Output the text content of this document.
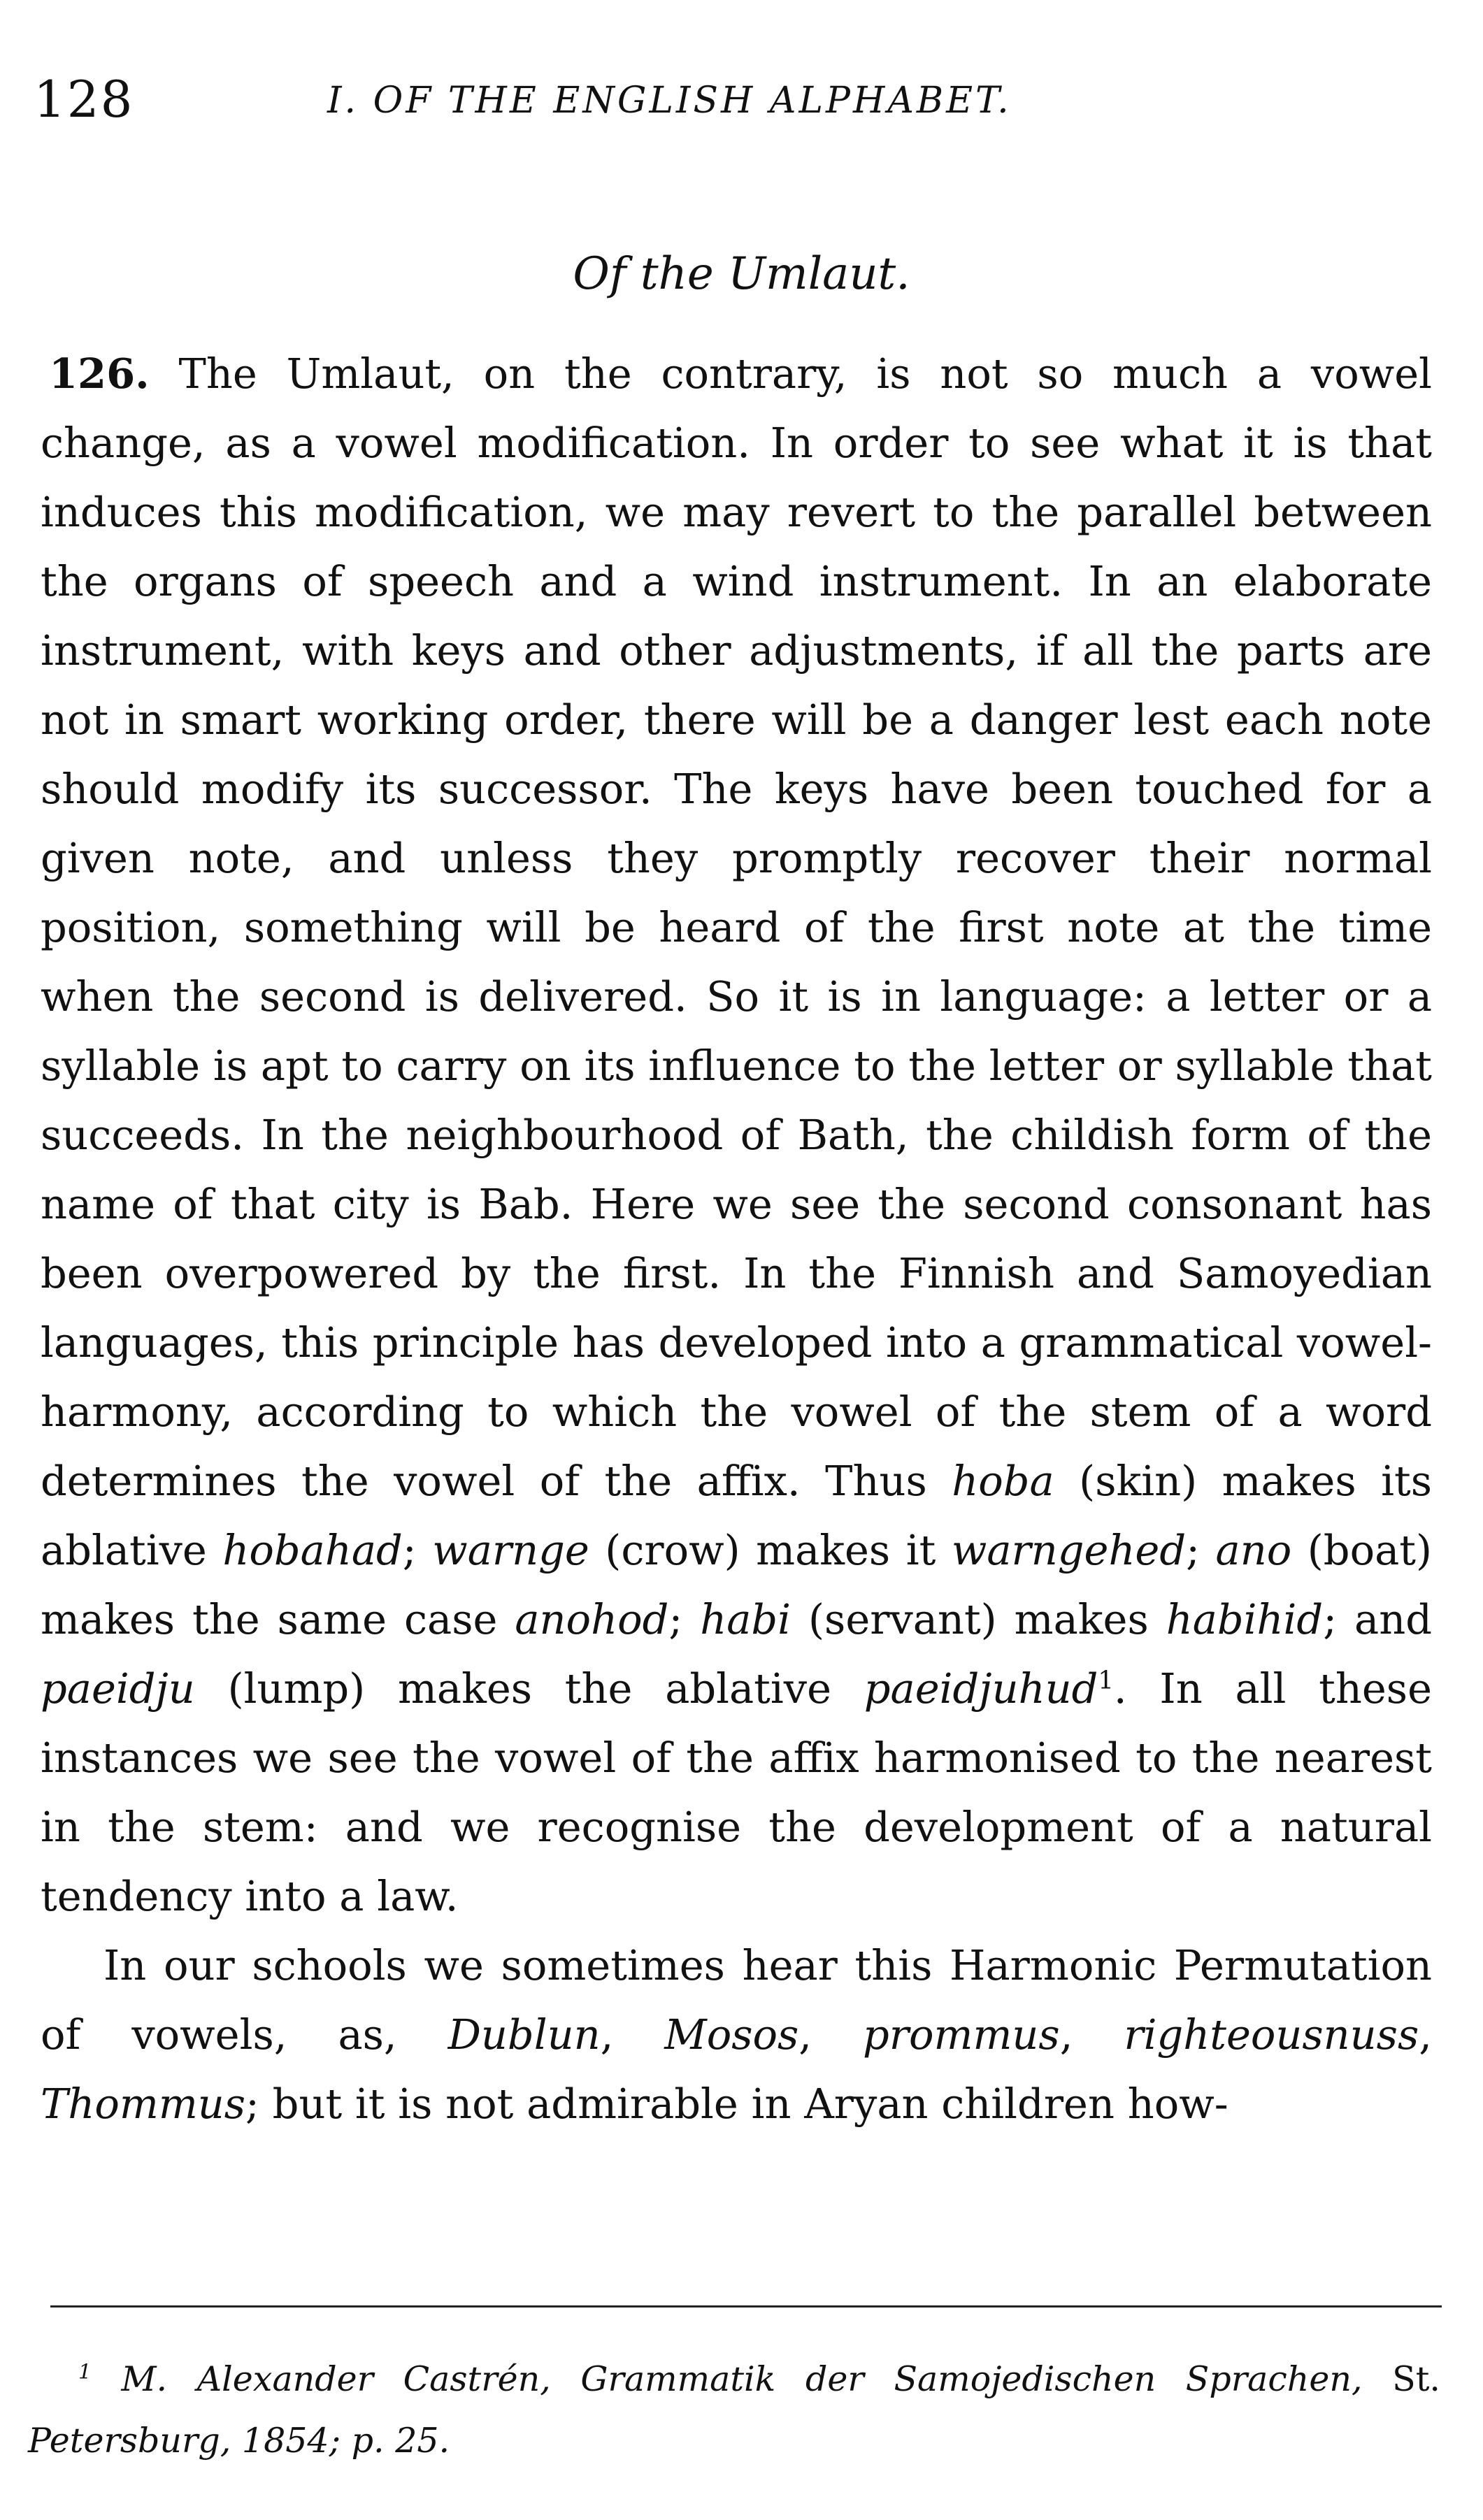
128	I. OF THE ENGLISH ALPHABET.
Of the Umlaut.

126. The Umlaut, on the contrary, is not so much a vowel change, as a vowel modification. In order to see what it is that induces this modification, we may revert to the parallel between the organs of speech and a wind instrument. In an elaborate instrument, with keys and other adjustments, if all the parts are not in smart working order, there will be a danger lest each note should modify its successor. The keys have been touched for a given note, and unless they promptly recover their normal position, something will be heard of the first note at the time when the second is delivered. So it is in language: a letter or a syllable is apt to carry on its influence to the letter or syllable that succeeds. In the neighbourhood of Bath, the childish form of the name of that city is Bab. Here we see the second consonant has been overpowered by the first. In the Finnish and Samoyedian languages, this principle has developed into a grammatical vowel-harmony, according to which the vowel of the stem of a word determines the vowel of the affix. Thus hoba (skin) makes its ablative hobahad; warnge (crow) makes it warngehed; ano (boat) makes the same case anohod; habi (servant) makes habihid; and paeidju (lump) makes the ablative paeidjuhud$^1$. In all these instances we see the vowel of the affix harmonised to the nearest in the stem: and we recognise the development of a natural tendency into a law.

In our schools we sometimes hear this Harmonic Permutation of vowels, as, Dublun, Mosos, prommus, righteousnuss, Thommus; but it is not admirable in Aryan children how-

$^1$ M. Alexander Castrén, Grammatik der Samojedischen Sprachen, St. Petersburg, 1854; p. 25.
